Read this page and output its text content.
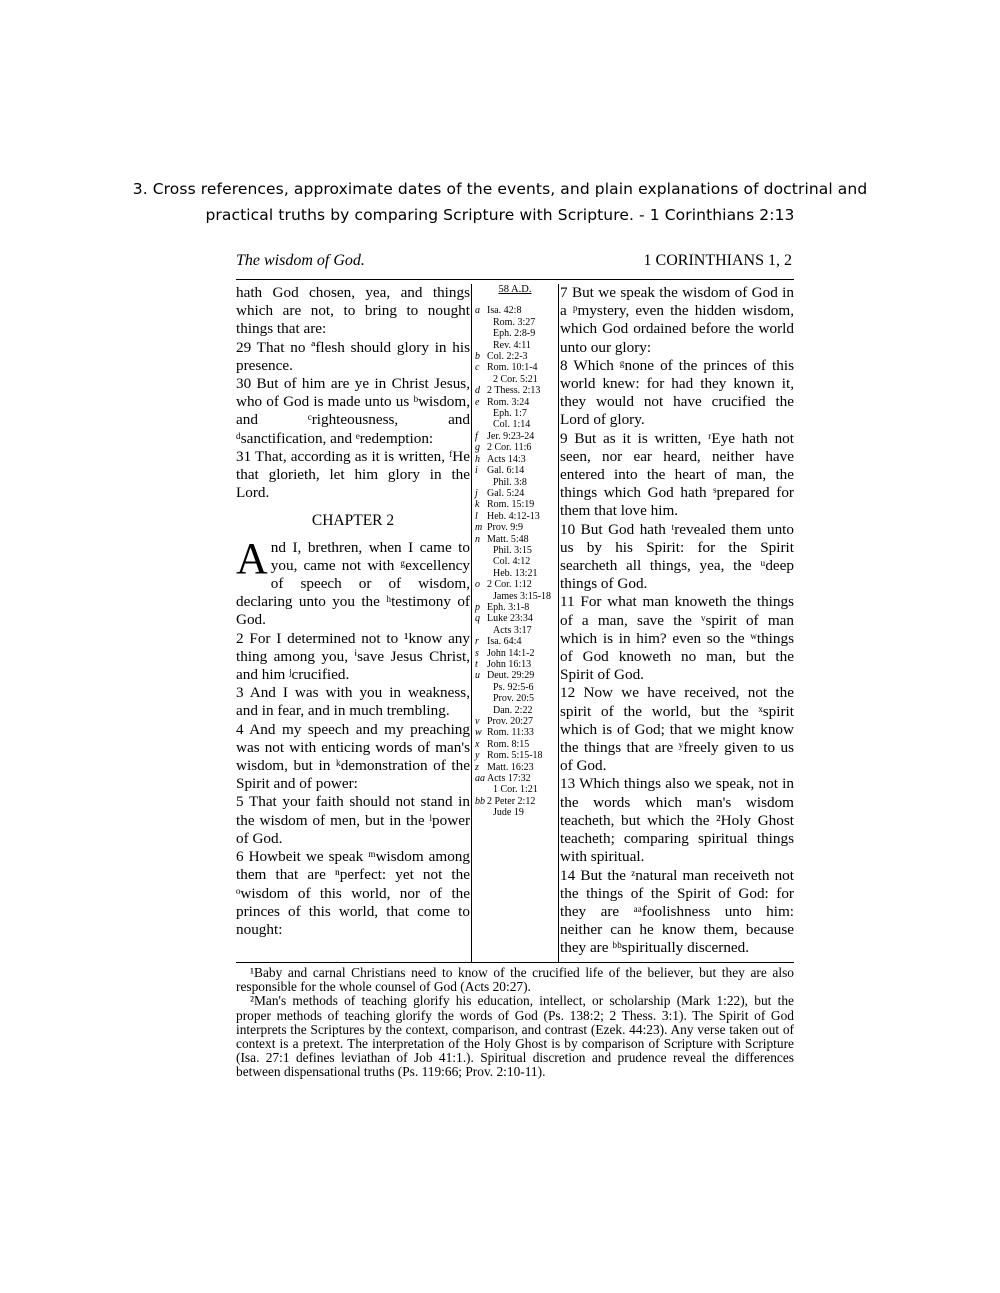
3. Cross references, approximate dates of the events, and plain explanations of doctrinal and practical truths by comparing Scripture with Scripture. - 1 Corinthians 2:13
The wisdom of God.	1 CORINTHIANS 1, 2

hath God chosen, yea, and things which are not, to bring to nought things that are:

29 That no ªflesh should glory in his presence.

30 But of him are ye in Christ Jesus, who of God is made unto us ᵇwisdom, and ᶜrighteousness, and ᵈsanctification, and ᵉredemption:

31 That, according as it is written, ᶠHe that glorieth, let him glory in the Lord.

CHAPTER 2

And I, brethren, when I came to you, came not with ᵍexcellency of speech or of wisdom, declaring unto you the ʰtestimony of God.

2 For I determined not to ¹know any thing among you, ⁱsave Jesus Christ, and him ʲcrucified.

3 And I was with you in weakness, and in fear, and in much trembling.

4 And my speech and my preaching was not with enticing words of man's wisdom, but in ᵏdemonstration of the Spirit and of power:

5 That your faith should not stand in the wisdom of men, but in the ˡpower of God.

6 Howbeit we speak ᵐwisdom among them that are ⁿperfect: yet not the ᵒwisdom of this world, nor of the princes of this world, that come to nought:

58 A.D.
a Isa. 42:8
Rom. 3:27
Eph. 2:8-9
Rev. 4:11
b Col. 2:2-3
c Rom. 10:1-4
2 Cor. 5:21
d 2 Thess. 2:13
e Rom. 3:24
Eph. 1:7
Col. 1:14
f Jer. 9:23-24
g 2 Cor. 11:6
h Acts 14:3
i Gal. 6:14
Phil. 3:8
j Gal. 5:24
k Rom. 15:19
l Heb. 4:12-13
m Prov. 9:9
n Matt. 5:48
Phil. 3:15
Col. 4:12
Heb. 13:21
o 2 Cor. 1:12
James 3:15-18
p Eph. 3:1-8
q Luke 23:34
Acts 3:17
r Isa. 64:4
s John 14:1-2
t John 16:13
u Deut. 29:29
Ps. 92:5-6
Prov. 20:5
Dan. 2:22
v Prov. 20:27
w Rom. 11:33
x Rom. 8:15
y Rom. 5:15-18
z Matt. 16:23
aa Acts 17:32
1 Cor. 1:21
bb 2 Peter 2:12
Jude 19

7 But we speak the wisdom of God in a ᵖmystery, even the hidden wisdom, which God ordained before the world unto our glory:

8 Which ᵍnone of the princes of this world knew: for had they known it, they would not have crucified the Lord of glory.

9 But as it is written, ʳEye hath not seen, nor ear heard, neither have entered into the heart of man, the things which God hath ˢprepared for them that love him.

10 But God hath ᵗrevealed them unto us by his Spirit: for the Spirit searcheth all things, yea, the ᵘdeep things of God.

11 For what man knoweth the things of a man, save the ᵛspirit of man which is in him? even so the ʷthings of God knoweth no man, but the Spirit of God.

12 Now we have received, not the spirit of the world, but the ˣspirit which is of God; that we might know the things that are ʸfreely given to us of God.

13 Which things also we speak, not in the words which man's wisdom teacheth, but which the ²Holy Ghost teacheth; comparing spiritual things with spiritual.

14 But the ᶻnatural man receiveth not the things of the Spirit of God: for they are ᵃᵃfoolishness unto him: neither can he know them, because they are ᵇᵇspiritually discerned.

¹Baby and carnal Christians need to know of the crucified life of the believer, but they are also responsible for the whole counsel of God (Acts 20:27).

²Man's methods of teaching glorify his education, intellect, or scholarship (Mark 1:22), but the proper methods of teaching glorify the words of God (Ps. 138:2; 2 Thess. 3:1). The Spirit of God interprets the Scriptures by the context, comparison, and contrast (Ezek. 44:23). Any verse taken out of context is a pretext. The interpretation of the Holy Ghost is by comparison of Scripture with Scripture (Isa. 27:1 defines leviathan of Job 41:1.). Spiritual discretion and prudence reveal the differences between dispensational truths (Ps. 119:66; Prov. 2:10-11).
